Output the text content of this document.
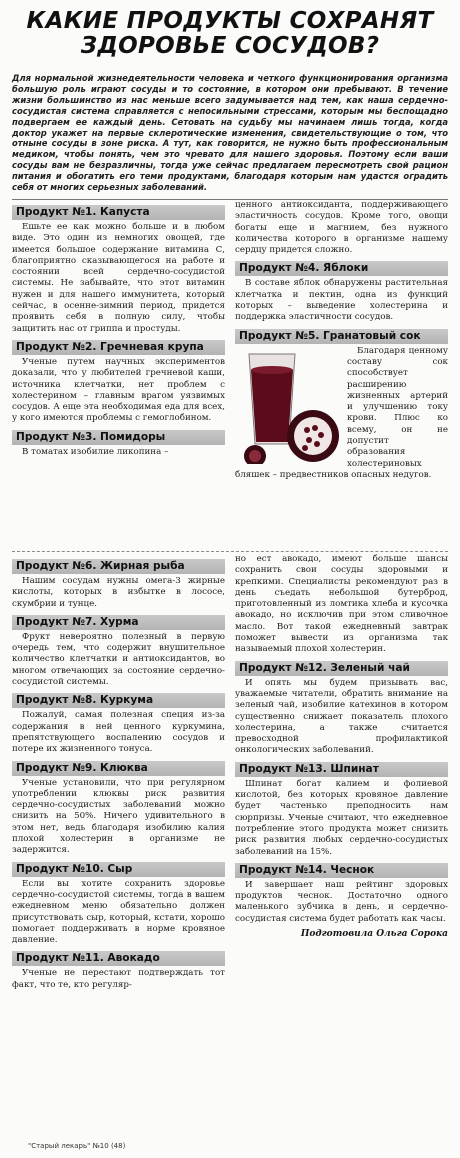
КАКИЕ ПРОДУКТЫ СОХРАНЯТ ЗДОРОВЬЕ СОСУДОВ?

Для нормальной жизнедеятельности человека и четкого функционирования организма большую роль играют сосуды и то состояние, в котором они пребывают. В течение жизни большинство из нас меньше всего задумывается над тем, как наша сердечно-сосудистая система справляется с непосильными стрессами, которым мы беспощадно подвергаем ее каждый день. Сетовать на судьбу мы начинаем лишь тогда, когда доктор укажет на первые склеротические изменения, свидетельствующие о том, что отныне сосуды в зоне риска. А тут, как говорится, не нужно быть профессиональным медиком, чтобы понять, чем это чревато для нашего здоровья. Поэтому если ваши сосуды вам не безразличны, тогда уже сейчас предлагаем пересмотреть свой рацион питания и обогатить его теми продуктами, благодаря которым нам удастся оградить себя от многих серьезных заболеваний.

Продукт №1. Капуста

Ешьте ее как можно больше и в любом виде. Это один из немногих овощей, где имеется большое содержание витамина С, благоприятно сказывающегося на работе и состоянии всей сердечно-сосудистой системы. Не забывайте, что этот витамин нужен и для нашего иммунитета, который сейчас, в осенне-зимний период, придется проявить себя в полную силу, чтобы защитить нас от гриппа и простуды.

Продукт №2. Гречневая крупа

Ученые путем научных экспериментов доказали, что у любителей гречневой каши, источника клетчатки, нет проблем с холестерином – главным врагом уязвимых сосудов. А еще эта необходимая еда для всех, у кого имеются проблемы с гемоглобином.

Продукт №3. Помидоры

В томатах изобилие ликопина –

ценного антиоксиданта, поддерживающего эластичность сосудов. Кроме того, овощи богаты еще и магнием, без нужного количества которого в организме нашему сердцу придется сложно.

Продукт №4. Яблоки

В составе яблок обнаружены растительная клетчатка и пектин, одна из функций которых – выведение холестерина и поддержка эластичности сосудов.

Продукт №5. Гранатовый сок

Благодаря ценному составу сок способствует расширению жизненных артерий и улучшению току крови. Плюс ко всему, он не допустит образования холестериновых бляшек – предвестников опасных недугов.

Продукт №6. Жирная рыба

Нашим сосудам нужны омега-3 жирные кислоты, которых в избытке в лососе, скумбрии и тунце.

Продукт №7. Хурма

Фрукт невероятно полезный в первую очередь тем, что содержит внушительное количество клетчатки и антиоксидантов, во многом отвечающих за состояние сердечно-сосудистой системы.

Продукт №8. Куркума

Пожалуй, самая полезная специя из-за содержания в ней ценного куркумина, препятствующего воспалению сосудов и потере их жизненного тонуса.

Продукт №9. Клюква

Ученые установили, что при регулярном употреблении клюквы риск развития сердечно-сосудистых заболеваний можно снизить на 50%. Ничего удивительного в этом нет, ведь благодаря изобилию калия плохой холестерин в организме не задержится.

Продукт №10. Сыр

Если вы хотите сохранить здоровье сердечно-сосудистой системы, тогда в вашем ежедневном меню обязательно должен присутствовать сыр, который, кстати, хорошо помогает поддерживать в норме кровяное давление.

Продукт №11. Авокадо

Ученые не перестают подтверждать тот факт, что те, кто регуляр-

но ест авокадо, имеют больше шансы сохранить свои сосуды здоровыми и крепкими. Специалисты рекомендуют раз в день съедать небольшой бутерброд, приготовленный из ломтика хлеба и кусочка авокадо, но исключив при этом сливочное масло. Вот такой ежедневный завтрак поможет вывести из организма так называемый плохой холестерин.

Продукт №12. Зеленый чай

И опять мы будем призывать вас, уважаемые читатели, обратить внимание на зеленый чай, изобилие катехинов в котором существенно снижает показатель плохого холестерина, а также считается превосходной профилактикой онкологических заболеваний.

Продукт №13. Шпинат

Шпинат богат калием и фолиевой кислотой, без которых кровяное давление будет частенько преподносить нам сюрпризы. Ученые считают, что ежедневное потребление этого продукта может снизить риск развития любых сердечно-сосудистых заболеваний на 15%.

Продукт №14. Чеснок

И завершает наш рейтинг здоровых продуктов чеснок. Достаточно одного маленького зубчика в день, и сердечно-сосудистая система будет работать как часы.

Подготовила Ольга Сорока

"Старый лекарь" №10 (48)
